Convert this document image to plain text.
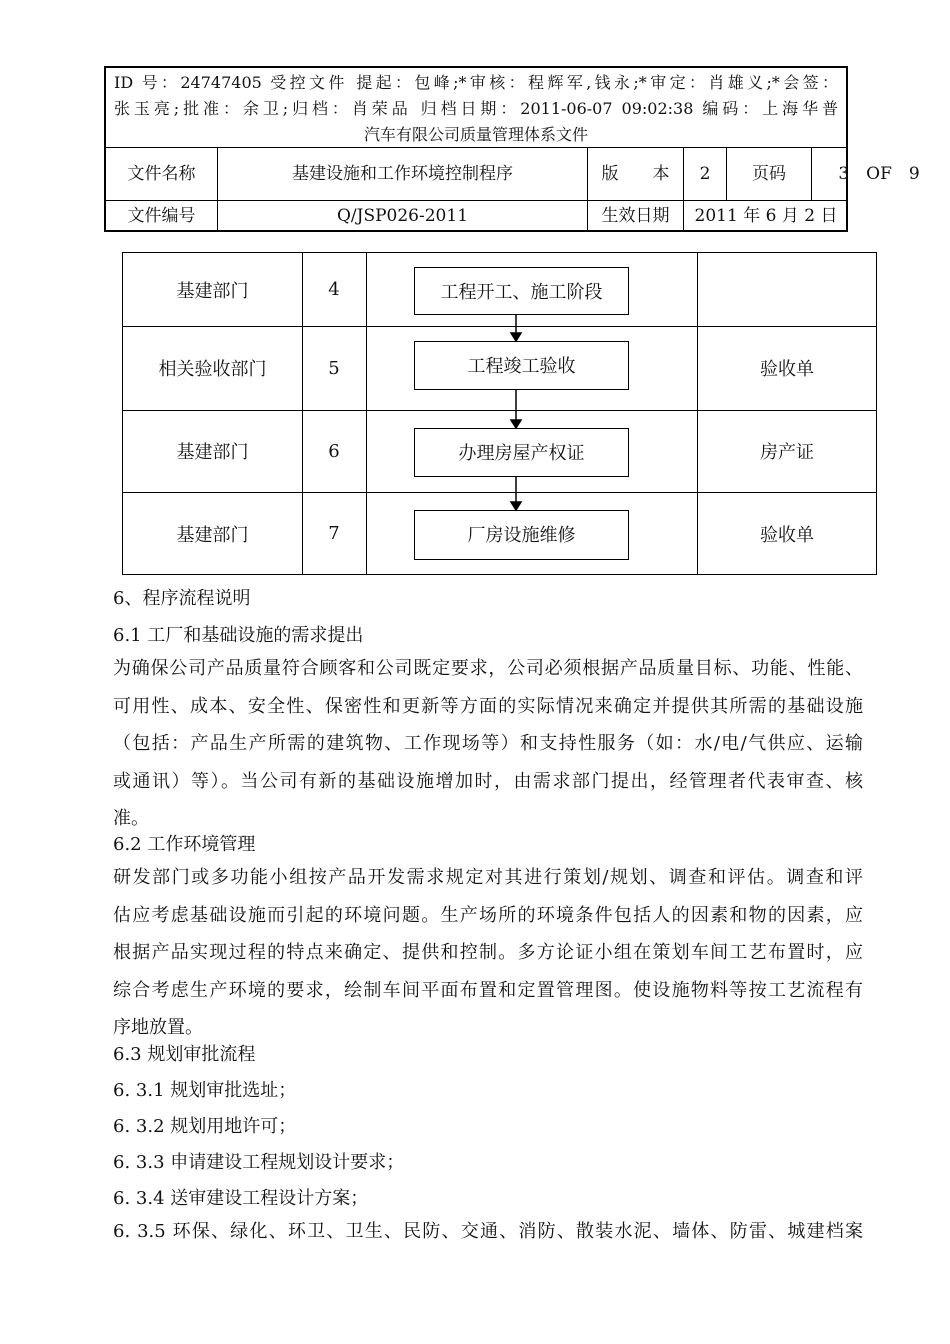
ID 号：24747405 受控文件 提起：包峰;*审核：程辉军,钱永;*审定：肖雄义;*会签：
张玉亮;批准：余卫;归档：肖荣品 归档日期：2011-06-07 09:02:38 编码：上海华普
汽车有限公司质量管理体系文件
文件名称	基建设施和工作环境控制程序	版　　本	2	页码	3　OF　9
文件编号	Q/JSP026-2011	生效日期	2011 年 6 月 2 日
基建部门	4	工程开工、施工阶段
相关验收部门	5	工程竣工验收	验收单
基建部门	6	办理房屋产权证	房产证
基建部门	7	厂房设施维修	验收单
6、程序流程说明
6.1 工厂和基础设施的需求提出
为确保公司产品质量符合顾客和公司既定要求，公司必须根据产品质量目标、功能、性能、
可用性、成本、安全性、保密性和更新等方面的实际情况来确定并提供其所需的基础设施
（包括：产品生产所需的建筑物、工作现场等）和支持性服务（如：水/电/气供应、运输
或通讯）等）。当公司有新的基础设施增加时，由需求部门提出，经管理者代表审查、核
准。
6.2 工作环境管理
研发部门或多功能小组按产品开发需求规定对其进行策划/规划、调查和评估。调查和评
估应考虑基础设施而引起的环境问题。生产场所的环境条件包括人的因素和物的因素，应
根据产品实现过程的特点来确定、提供和控制。多方论证小组在策划车间工艺布置时，应
综合考虑生产环境的要求，绘制车间平面布置和定置管理图。使设施物料等按工艺流程有
序地放置。
6.3 规划审批流程
6. 3.1 规划审批选址；
6. 3.2 规划用地许可；
6. 3.3 申请建设工程规划设计要求；
6. 3.4 送审建设工程设计方案；
6. 3.5 环保、绿化、环卫、卫生、民防、交通、消防、散装水泥、墙体、防雷、城建档案
